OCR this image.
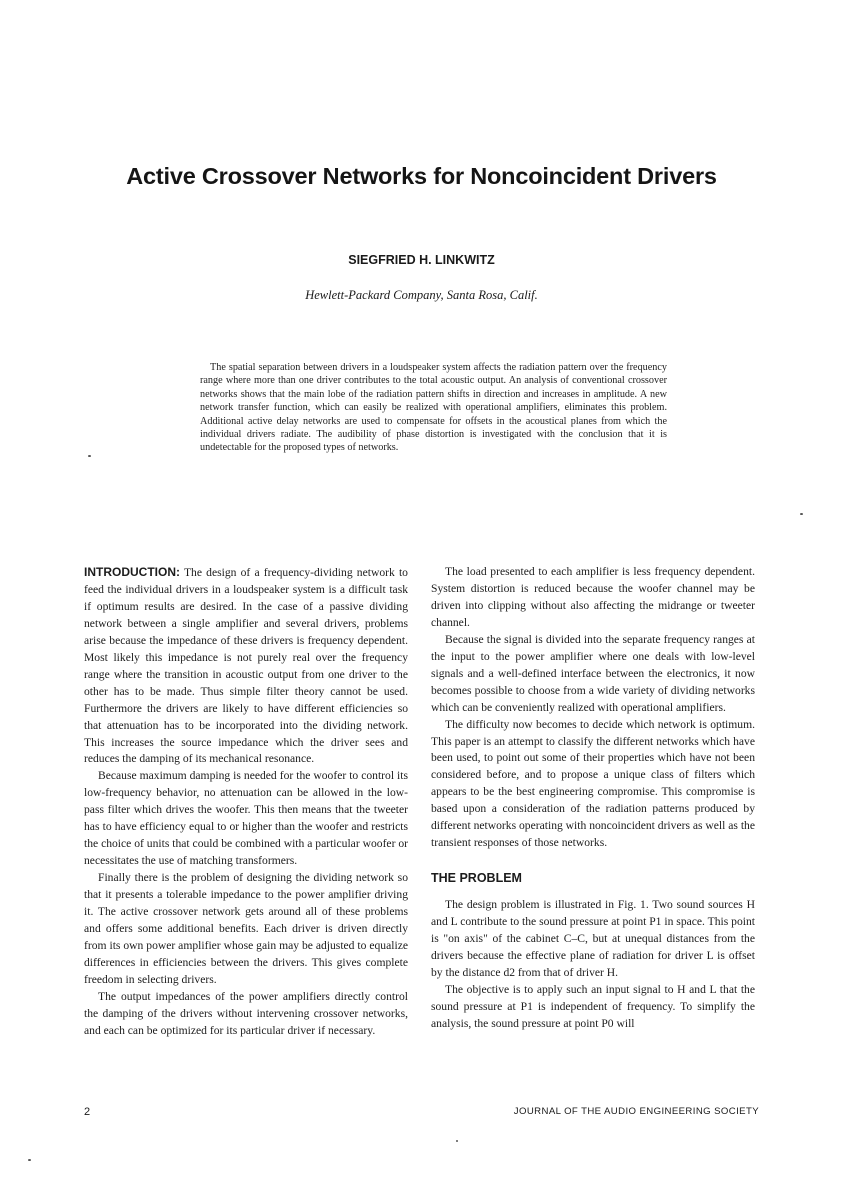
Active Crossover Networks for Noncoincident Drivers
SIEGFRIED H. LINKWITZ
Hewlett-Packard Company, Santa Rosa, Calif.

The spatial separation between drivers in a loudspeaker system affects the radiation pattern over the frequency range where more than one driver contributes to the total acoustic output. An analysis of conventional crossover networks shows that the main lobe of the radiation pattern shifts in direction and increases in amplitude. A new network transfer function, which can easily be realized with operational amplifiers, eliminates this problem. Additional active delay networks are used to compensate for offsets in the acoustical planes from which the individual drivers radiate. The audibility of phase distortion is investigated with the conclusion that it is undetectable for the proposed types of networks.

INTRODUCTION: The design of a frequency-dividing network to feed the individual drivers in a loudspeaker system is a difficult task if optimum results are desired. In the case of a passive dividing network between a single amplifier and several drivers, problems arise because the impedance of these drivers is frequency dependent. Most likely this impedance is not purely real over the frequency range where the transition in acoustic output from one driver to the other has to be made. Thus simple filter theory cannot be used. Furthermore the drivers are likely to have different efficiencies so that attenuation has to be incorporated into the dividing network. This increases the source impedance which the driver sees and reduces the damping of its mechanical resonance.

Because maximum damping is needed for the woofer to control its low-frequency behavior, no attenuation can be allowed in the low-pass filter which drives the woofer. This then means that the tweeter has to have efficiency equal to or higher than the woofer and restricts the choice of units that could be combined with a particular woofer or necessitates the use of matching transformers.

Finally there is the problem of designing the dividing network so that it presents a tolerable impedance to the power amplifier driving it. The active crossover network gets around all of these problems and offers some additional benefits. Each driver is driven directly from its own power amplifier whose gain may be adjusted to equalize differences in efficiencies between the drivers. This gives complete freedom in selecting drivers.

The output impedances of the power amplifiers directly control the damping of the drivers without intervening crossover networks, and each can be optimized for its particular driver if necessary.

The load presented to each amplifier is less frequency dependent. System distortion is reduced because the woofer channel may be driven into clipping without also affecting the midrange or tweeter channel.

Because the signal is divided into the separate frequency ranges at the input to the power amplifier where one deals with low-level signals and a well-defined interface between the electronics, it now becomes possible to choose from a wide variety of dividing networks which can be conveniently realized with operational amplifiers.

The difficulty now becomes to decide which network is optimum. This paper is an attempt to classify the different networks which have been used, to point out some of their properties which have not been considered before, and to propose a unique class of filters which appears to be the best engineering compromise. This compromise is based upon a consideration of the radiation patterns produced by different networks operating with noncoincident drivers as well as the transient responses of those networks.

THE PROBLEM

The design problem is illustrated in Fig. 1. Two sound sources H and L contribute to the sound pressure at point P1 in space. This point is "on axis" of the cabinet C–C, but at unequal distances from the drivers because the effective plane of radiation for driver L is offset by the distance d2 from that of driver H.

The objective is to apply such an input signal to H and L that the sound pressure at P1 is independent of frequency. To simplify the analysis, the sound pressure at point P0 will

2	JOURNAL OF THE AUDIO ENGINEERING SOCIETY
